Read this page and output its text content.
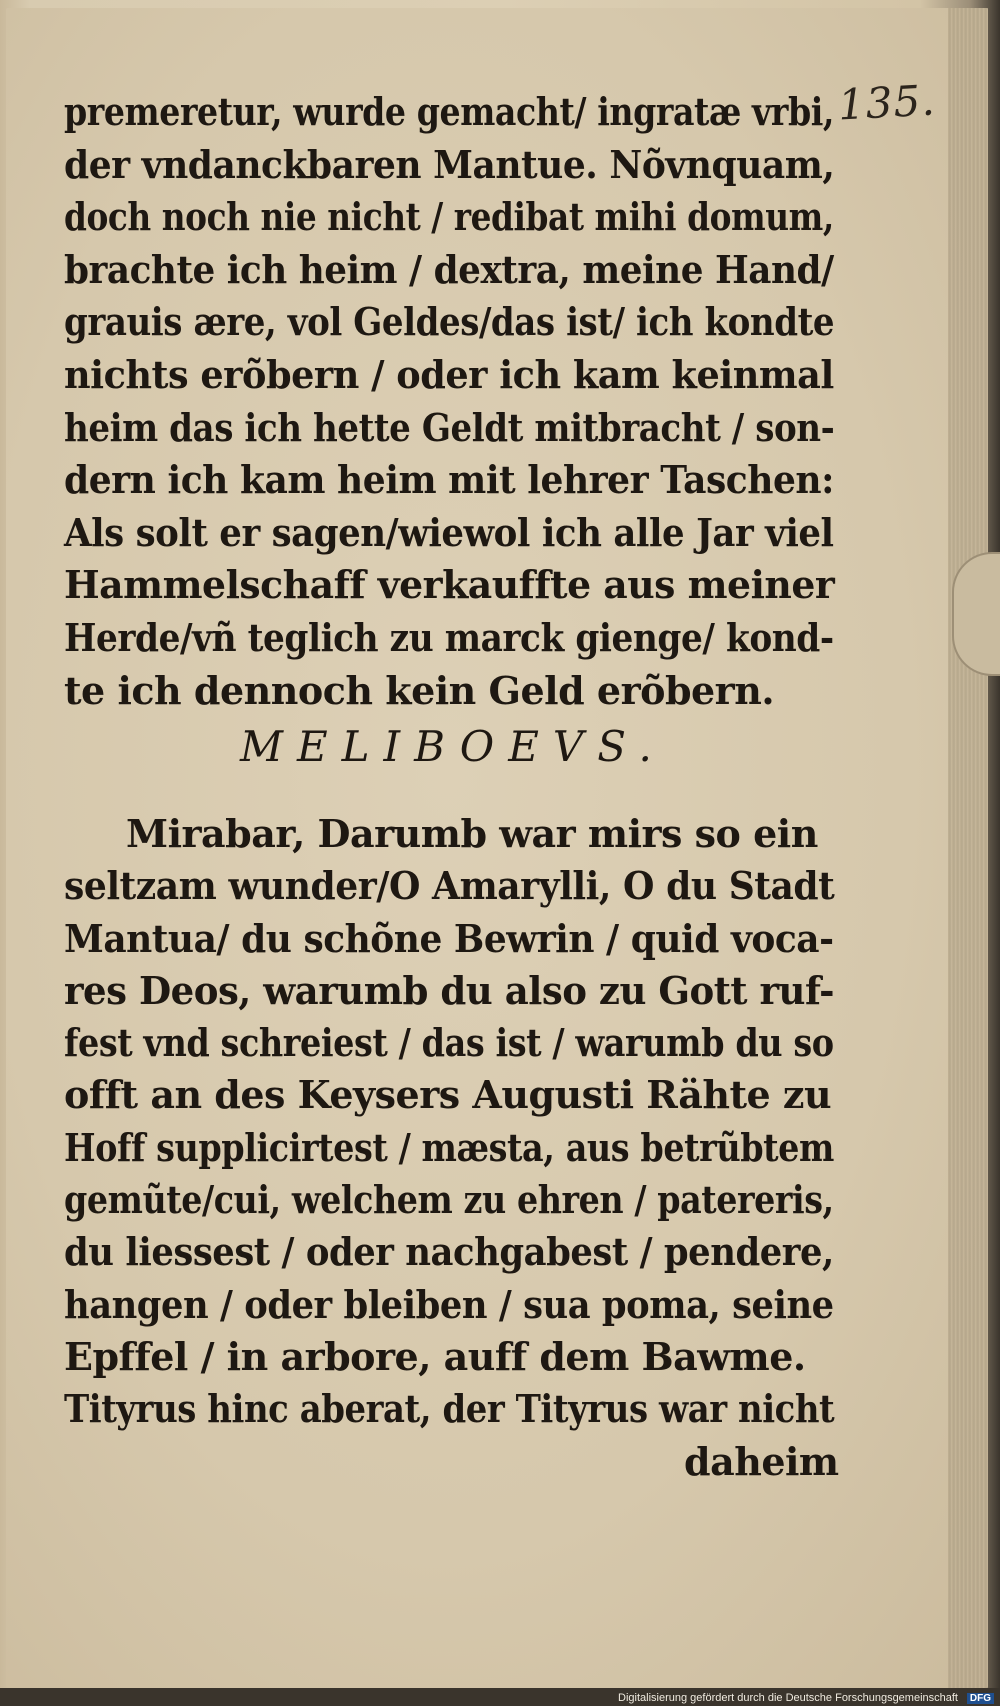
135.
premeretur, wurde gemacht/ ingratæ vrbi,
der vndanckbaren Mantue. Nõvnquam,
doch noch nie nicht / redibat mihi domum,
brachte ich heim / dextra, meine Hand/
grauis ære, vol Geldes/das ist/ ich kondte
nichts erõbern / oder ich kam keinmal
heim das ich hette Geldt mitbracht / son-
dern ich kam heim mit lehrer Taschen:
Als solt er sagen/wiewol ich alle Jar viel
Hammelschaff verkauffte aus meiner
Herde/vñ teglich zu marck gienge/ kond-
te ich dennoch kein Geld erõbern.
MELIBOEVS.
Mirabar, Darumb war mirs so ein
seltzam wunder/O Amarylli, O du Stadt
Mantua/ du schõne Bewrin / quid voca-
res Deos, warumb du also zu Gott ruf-
fest vnd schreiest / das ist / warumb du so
offt an des Keysers Augusti Rähte zu
Hoff supplicirtest / mæsta, aus betrũbtem
gemũte/cui, welchem zu ehren / patereris,
du liessest / oder nachgabest / pendere,
hangen / oder bleiben / sua poma, seine
Epffel / in arbore, auff dem Bawme.
Tityrus hinc aberat, der Tityrus war nicht
daheim
Digitalisierung gefördert durch die Deutsche Forschungsgemeinschaft	DFG
